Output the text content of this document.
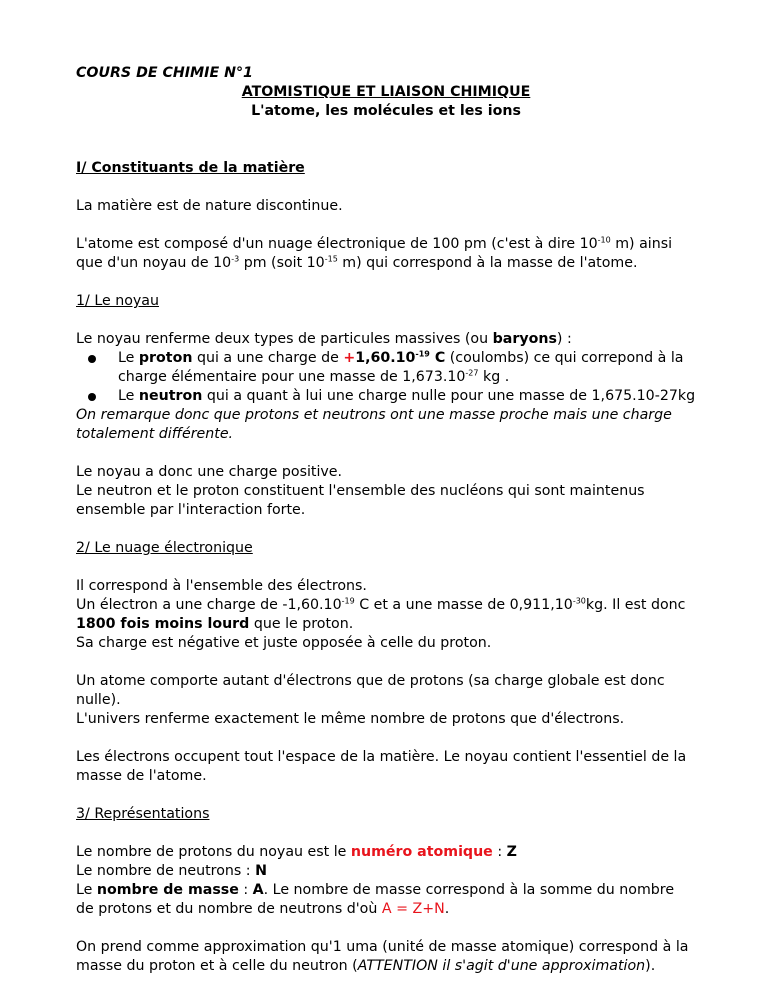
COURS DE CHIMIE N°1

ATOMISTIQUE ET LIAISON CHIMIQUE

L'atome, les molécules et les ions

I/ Constituants de la matière

La matière est de nature discontinue.

L'atome est composé d'un nuage électronique de 100 pm (c'est à dire $10^{-10}$ m) ainsi que d'un noyau de $10^{-3}$ pm (soit $10^{-15}$ m) qui correspond à la masse de l'atome.

1/ Le noyau

Le noyau renferme deux types de particules massives (ou baryons) :

Le proton qui a une charge de $+1,60.10^{-19}$ C (coulombs) ce qui correpond à la charge élémentaire pour une masse de $1,673.10^{-27}$ kg .
Le neutron qui a quant à lui une charge nulle pour une masse de 1,675.10-27kg

On remarque donc que protons et neutrons ont une masse proche mais une charge totalement différente.

Le noyau a donc une charge positive.

Le neutron et le proton constituent l'ensemble des nucléons qui sont maintenus ensemble par l'interaction forte.

2/ Le nuage électronique

Il correspond à l'ensemble des électrons.
Un électron a une charge de $-1,60.10^{-19}$ C et a une masse de $0,911,10^{-30}kg$. Il est donc
1800 fois moins lourd que le proton.
Sa charge est négative et juste opposée à celle du proton.

Un atome comporte autant d'électrons que de protons (sa charge globale est donc nulle).
L'univers renferme exactement le même nombre de protons que d'électrons.

Les électrons occupent tout l'espace de la matière. Le noyau contient l'essentiel de la masse de l'atome.

3/ Représentations

Le nombre de protons du noyau est le numéro atomique : Z
Le nombre de neutrons : N
Le nombre de masse : A. Le nombre de masse correspond à la somme du nombre de protons et du nombre de neutrons d'où A = Z+N.

On prend comme approximation qu'1 uma (unité de masse atomique) correspond à la masse du proton et à celle du neutron (ATTENTION il s'agit d'une approximation).
